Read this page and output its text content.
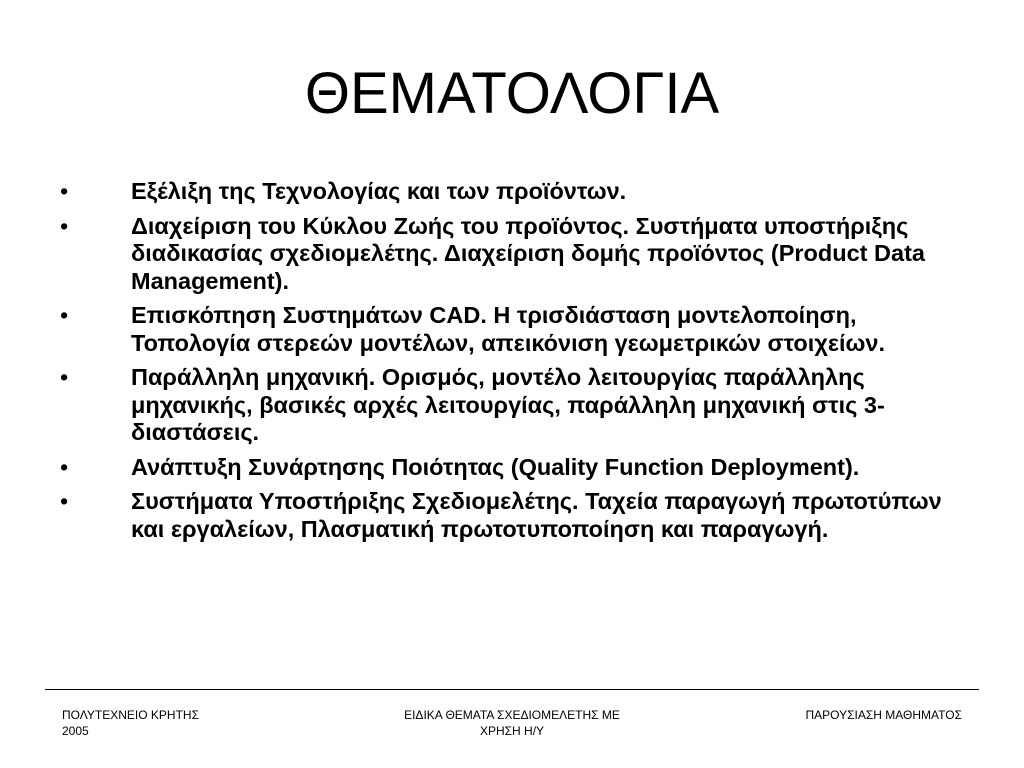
ΘΕΜΑΤΟΛΟΓΙΑ
•	Εξέλιξη της Τεχνολογίας και των προϊόντων.
•	Διαχείριση του Κύκλου Ζωής του προϊόντος. Συστήματα υποστήριξης διαδικασίας σχεδιομελέτης. Διαχείριση δομής προϊόντος (Product Data Management).
•	Επισκόπηση Συστημάτων CAD. Η τρισδιάσταση μοντελοποίηση, Τοπολογία στερεών μοντέλων, απεικόνιση γεωμετρικών στοιχείων.
•	Παράλληλη μηχανική. Ορισμός, μοντέλο λειτουργίας παράλληλης μηχανικής, βασικές αρχές λειτουργίας, παράλληλη μηχανική στις 3-διαστάσεις.
•	Ανάπτυξη Συνάρτησης Ποιότητας (Quality Function Deployment).
•	Συστήματα Υποστήριξης Σχεδιομελέτης. Ταχεία παραγωγή πρωτοτύπων και εργαλείων, Πλασματική πρωτοτυποποίηση και παραγωγή.
ΠΟΛΥΤΕΧΝΕΙΟ ΚΡΗΤΗΣ
2005
ΕΙΔΙΚΑ ΘΕΜΑΤΑ ΣΧΕΔΙΟΜΕΛΕΤΗΣ ΜΕ
ΧΡΗΣΗ Η/Υ
ΠΑΡΟΥΣΙΑΣΗ ΜΑΘΗΜΑΤΟΣ
